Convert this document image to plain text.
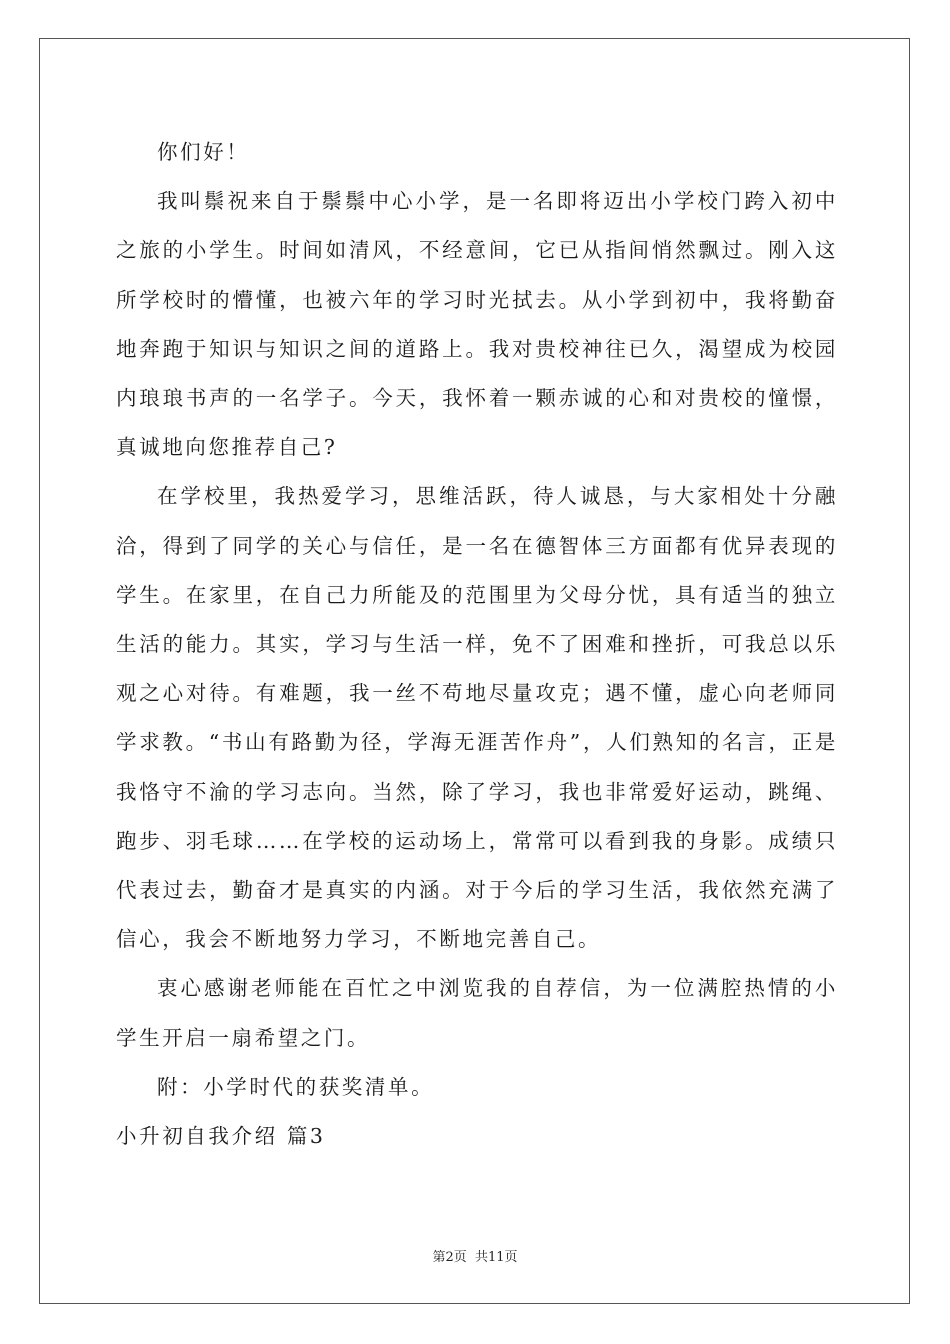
你们好！

我叫鬃祝来自于鬃鬃中心小学，是一名即将迈出小学校门跨入初中之旅的小学生。时间如清风，不经意间，它已从指间悄然飘过。刚入这所学校时的懵懂，也被六年的学习时光拭去。从小学到初中，我将勤奋地奔跑于知识与知识之间的道路上。我对贵校神往已久，渴望成为校园内琅琅书声的一名学子。今天，我怀着一颗赤诚的心和对贵校的憧憬，真诚地向您推荐自己?

在学校里，我热爱学习，思维活跃，待人诚恳，与大家相处十分融洽，得到了同学的关心与信任，是一名在德智体三方面都有优异表现的学生。在家里，在自己力所能及的范围里为父母分忧，具有适当的独立生活的能力。其实，学习与生活一样，免不了困难和挫折，可我总以乐观之心对待。有难题，我一丝不苟地尽量攻克；遇不懂，虚心向老师同学求教。“书山有路勤为径，学海无涯苦作舟”，人们熟知的名言，正是我恪守不渝的学习志向。当然，除了学习，我也非常爱好运动，跳绳、跑步、羽毛球……在学校的运动场上，常常可以看到我的身影。成绩只代表过去，勤奋才是真实的内涵。对于今后的学习生活，我依然充满了信心，我会不断地努力学习，不断地完善自己。

衷心感谢老师能在百忙之中浏览我的自荐信，为一位满腔热情的小学生开启一扇希望之门。

附：小学时代的获奖清单。

小升初自我介绍 篇3

第2页 共11页
